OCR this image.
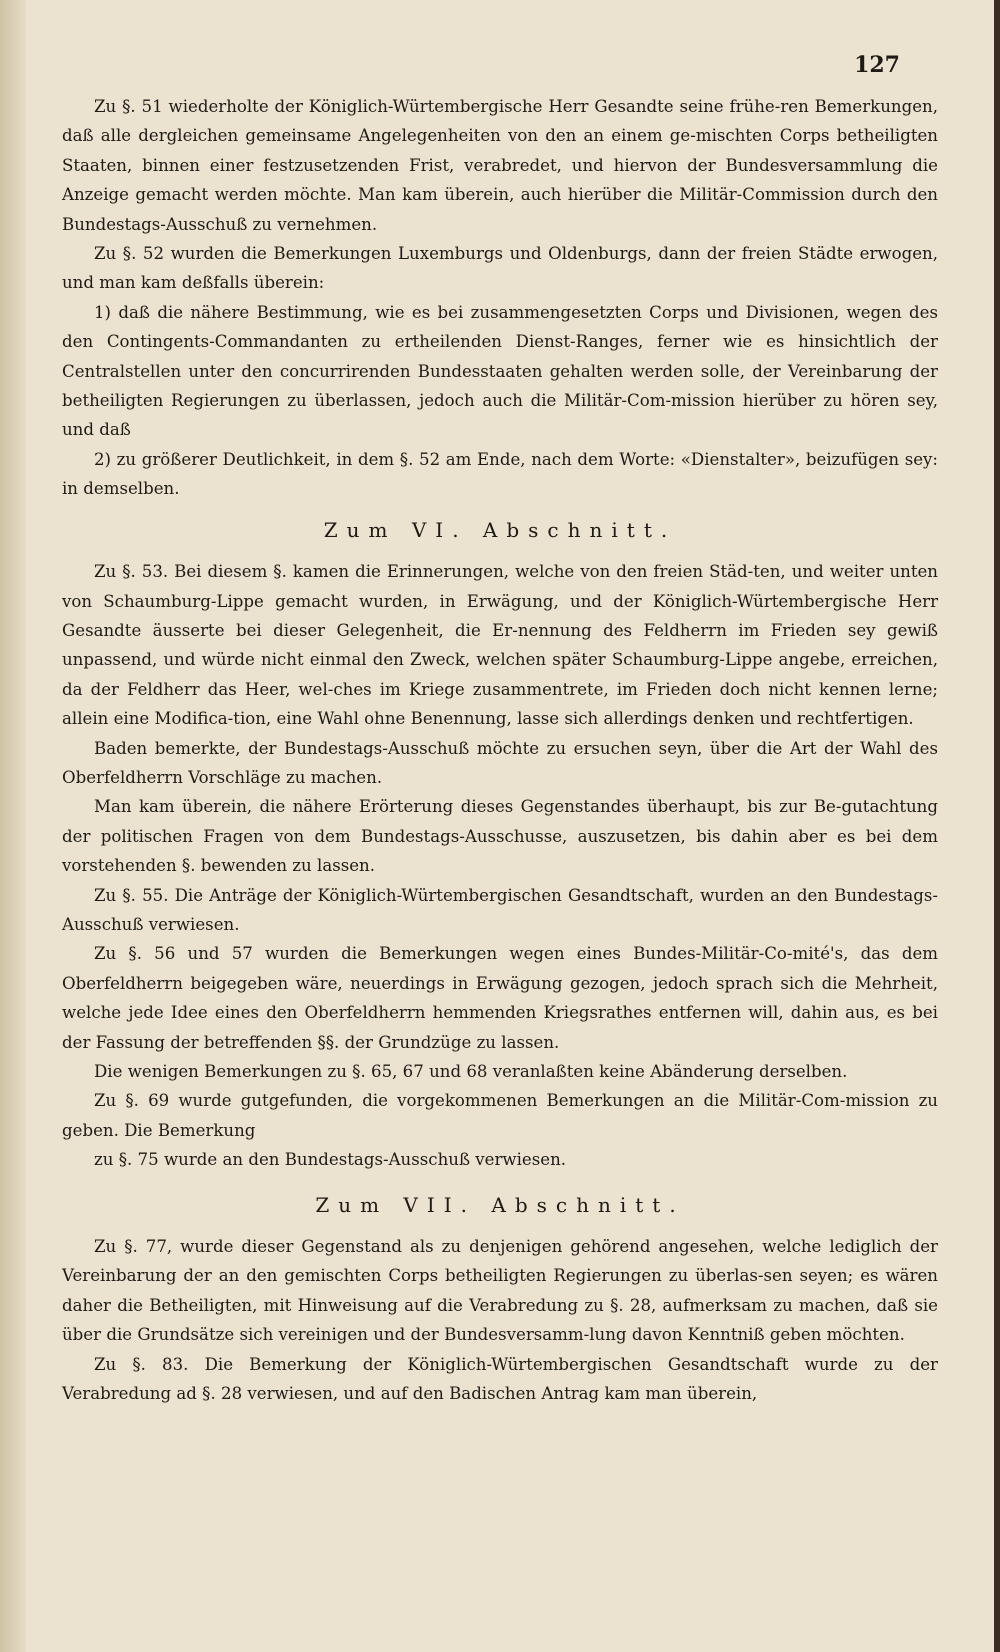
127

Zu §. 51 wiederholte der Königlich-Würtembergische Herr Gesandte seine frühe-ren Bemerkungen, daß alle dergleichen gemeinsame Angelegenheiten von den an einem ge-mischten Corps betheiligten Staaten, binnen einer festzusetzenden Frist, verabredet, und hiervon der Bundesversammlung die Anzeige gemacht werden möchte. Man kam überein, auch hierüber die Militär-Commission durch den Bundestags-Ausschuß zu vernehmen.

Zu §. 52 wurden die Bemerkungen Luxemburgs und Oldenburgs, dann der freien Städte erwogen, und man kam deßfalls überein:

1) daß die nähere Bestimmung, wie es bei zusammengesetzten Corps und Divisionen, wegen des den Contingents-Commandanten zu ertheilenden Dienst-Ranges, ferner wie es hinsichtlich der Centralstellen unter den concurrirenden Bundesstaaten gehalten werden solle, der Vereinbarung der betheiligten Regierungen zu überlassen, jedoch auch die Militär-Com-mission hierüber zu hören sey, und daß

2) zu größerer Deutlichkeit, in dem §. 52 am Ende, nach dem Worte: «Dienstalter», beizufügen sey: in demselben.

Zum VI. Abschnitt.

Zu §. 53. Bei diesem §. kamen die Erinnerungen, welche von den freien Städ-ten, und weiter unten von Schaumburg-Lippe gemacht wurden, in Erwägung, und der Königlich-Würtembergische Herr Gesandte äusserte bei dieser Gelegenheit, die Er-nennung des Feldherrn im Frieden sey gewiß unpassend, und würde nicht einmal den Zweck, welchen später Schaumburg-Lippe angebe, erreichen, da der Feldherr das Heer, wel-ches im Kriege zusammentrete, im Frieden doch nicht kennen lerne; allein eine Modifica-tion, eine Wahl ohne Benennung, lasse sich allerdings denken und rechtfertigen.

Baden bemerkte, der Bundestags-Ausschuß möchte zu ersuchen seyn, über die Art der Wahl des Oberfeldherrn Vorschläge zu machen.

Man kam überein, die nähere Erörterung dieses Gegenstandes überhaupt, bis zur Be-gutachtung der politischen Fragen von dem Bundestags-Ausschusse, auszusetzen, bis dahin aber es bei dem vorstehenden §. bewenden zu lassen.

Zu §. 55. Die Anträge der Königlich-Würtembergischen Gesandtschaft, wurden an den Bundestags-Ausschuß verwiesen.

Zu §. 56 und 57 wurden die Bemerkungen wegen eines Bundes-Militär-Co-mité's, das dem Oberfeldherrn beigegeben wäre, neuerdings in Erwägung gezogen, jedoch sprach sich die Mehrheit, welche jede Idee eines den Oberfeldherrn hemmenden Kriegsrathes entfernen will, dahin aus, es bei der Fassung der betreffenden §§. der Grundzüge zu lassen.

Die wenigen Bemerkungen zu §. 65, 67 und 68 veranlaßten keine Abänderung derselben.

Zu §. 69 wurde gutgefunden, die vorgekommenen Bemerkungen an die Militär-Com-mission zu geben. Die Bemerkung

zu §. 75 wurde an den Bundestags-Ausschuß verwiesen.

Zum VII. Abschnitt.

Zu §. 77, wurde dieser Gegenstand als zu denjenigen gehörend angesehen, welche lediglich der Vereinbarung der an den gemischten Corps betheiligten Regierungen zu überlas-sen seyen; es wären daher die Betheiligten, mit Hinweisung auf die Verabredung zu §. 28, aufmerksam zu machen, daß sie über die Grundsätze sich vereinigen und der Bundesversamm-lung davon Kenntniß geben möchten.

Zu §. 83. Die Bemerkung der Königlich-Würtembergischen Gesandtschaft wurde zu der Verabredung ad §. 28 verwiesen, und auf den Badischen Antrag kam man überein,
